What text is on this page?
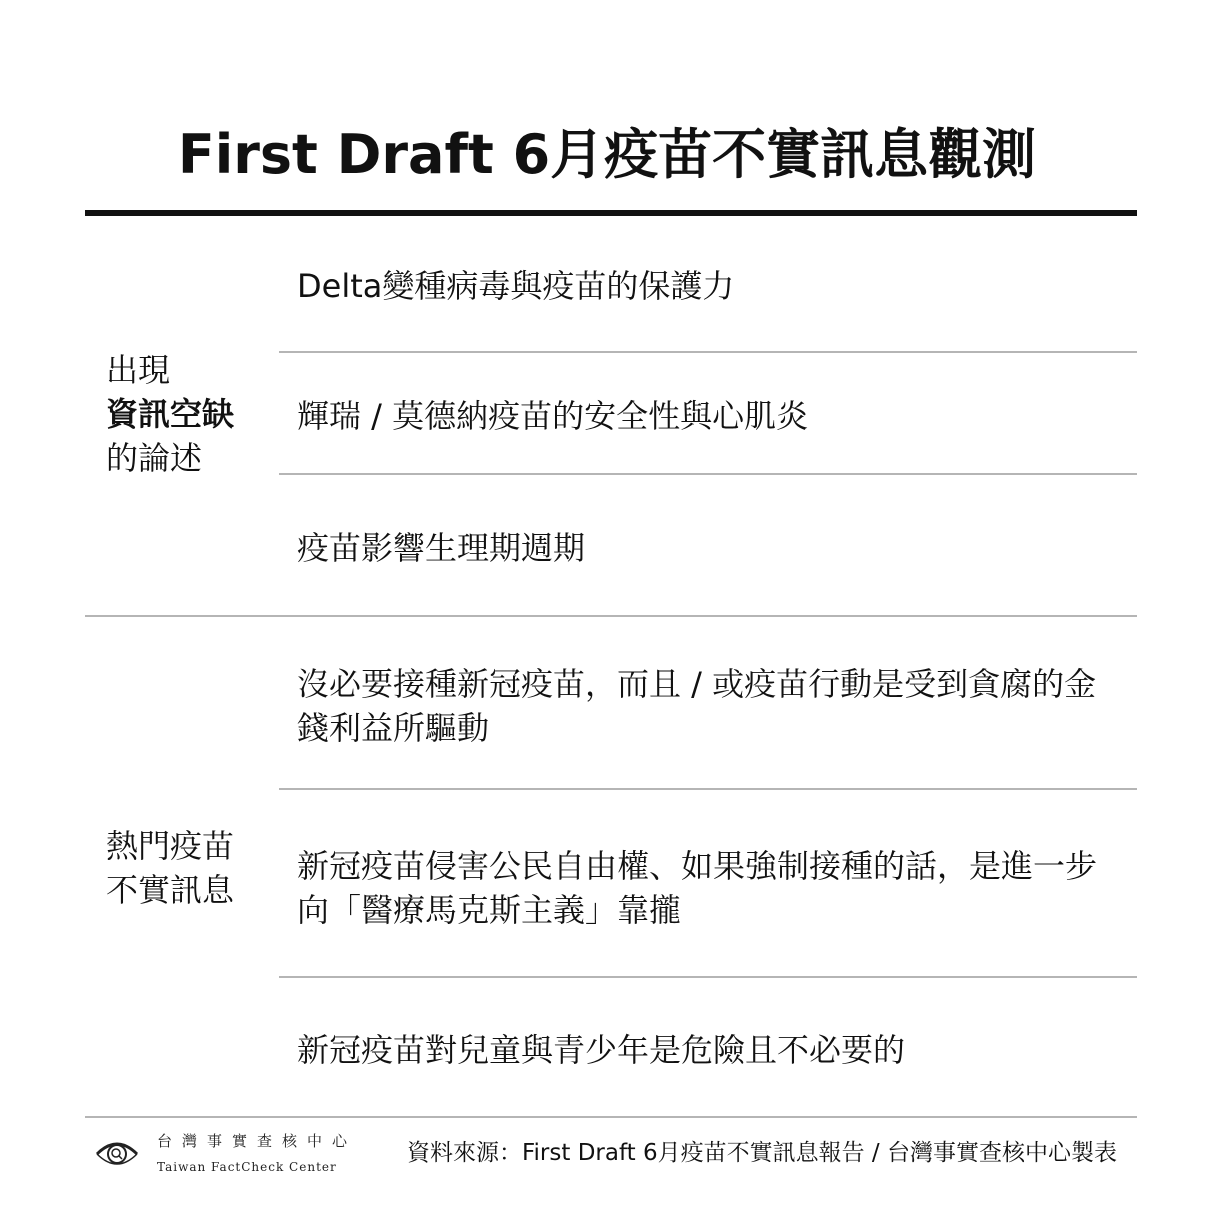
First Draft 6月疫苗不實訊息觀測
出現
資訊空缺
的論述
Delta變種病毒與疫苗的保護力
輝瑞 / 莫德納疫苗的安全性與心肌炎
疫苗影響生理期週期
熱門疫苗
不實訊息
沒必要接種新冠疫苗，而且 / 或疫苗行動是受到貪腐的金錢利益所驅動
新冠疫苗侵害公民自由權、如果強制接種的話，是進一步向「醫療馬克斯主義」靠攏
新冠疫苗對兒童與青少年是危險且不必要的
台灣事實查核中心
Taiwan FactCheck Center
資料來源：First Draft 6月疫苗不實訊息報告 / 台灣事實查核中心製表
